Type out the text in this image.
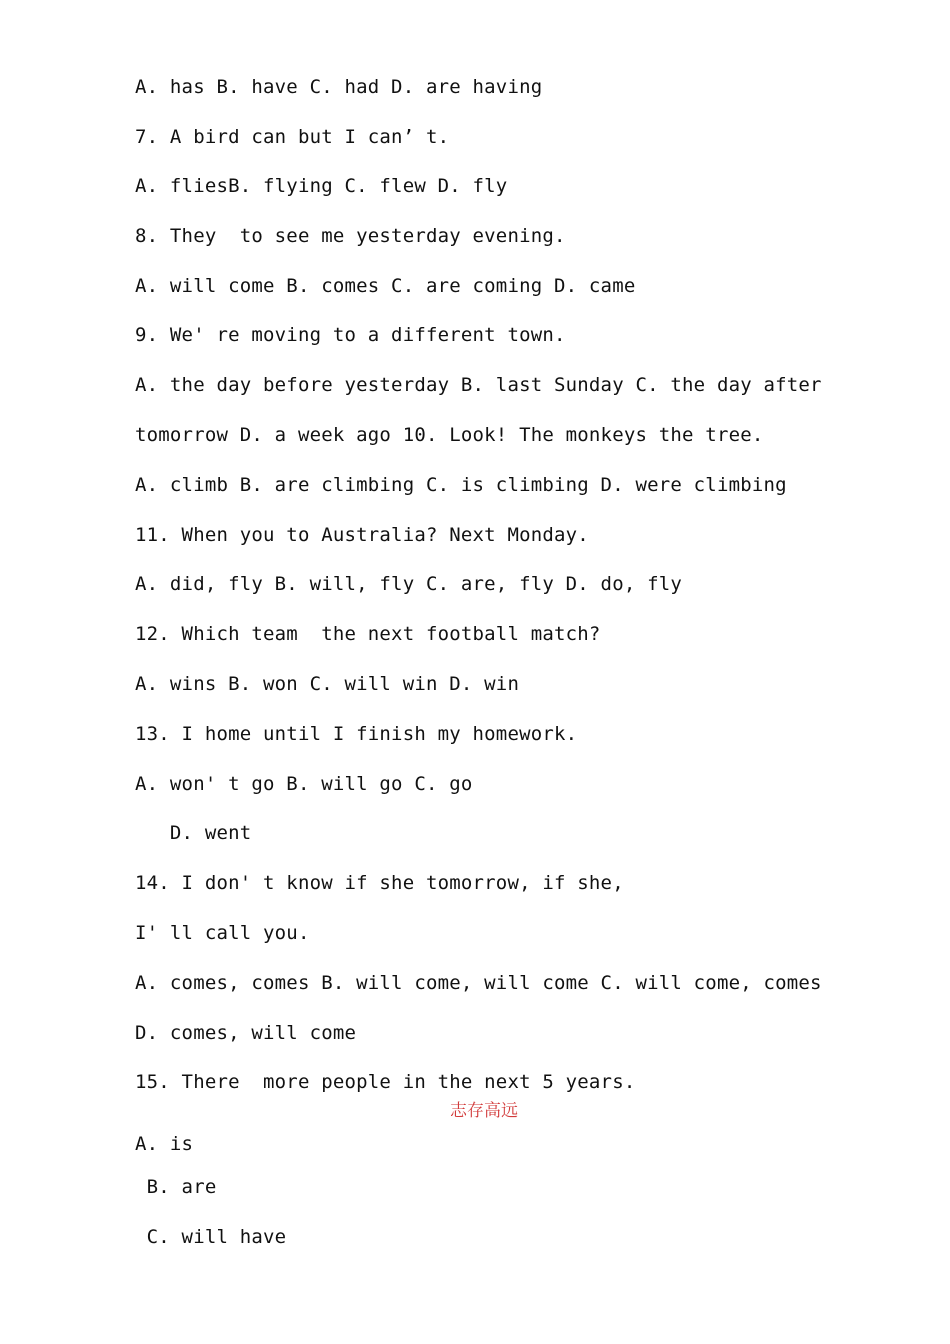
A. has B. have C. had D. are having
7. A bird can but I can’ t.
A. fliesB. flying C. flew D. fly
8. They  to see me yesterday evening.
A. will come B. comes C. are coming D. came
9. We' re moving to a different town.
A. the day before yesterday B. last Sunday C. the day after
tomorrow D. a week ago 10. Look! The monkeys the tree.
A. climb B. are climbing C. is climbing D. were climbing
11. When you to Australia? Next Monday.
A. did, fly B. will, fly C. are, fly D. do, fly
12. Which team  the next football match?
A. wins B. won C. will win D. win
13. I home until I finish my homework.
A. won' t go B. will go C. go
D. went
14. I don' t know if she tomorrow, if she,
I' ll call you.
A. comes, comes B. will come, will come C. will come, comes
D. comes, will come
15. There  more people in the next 5 years.
志存高远
A. is
B. are
C. will have
